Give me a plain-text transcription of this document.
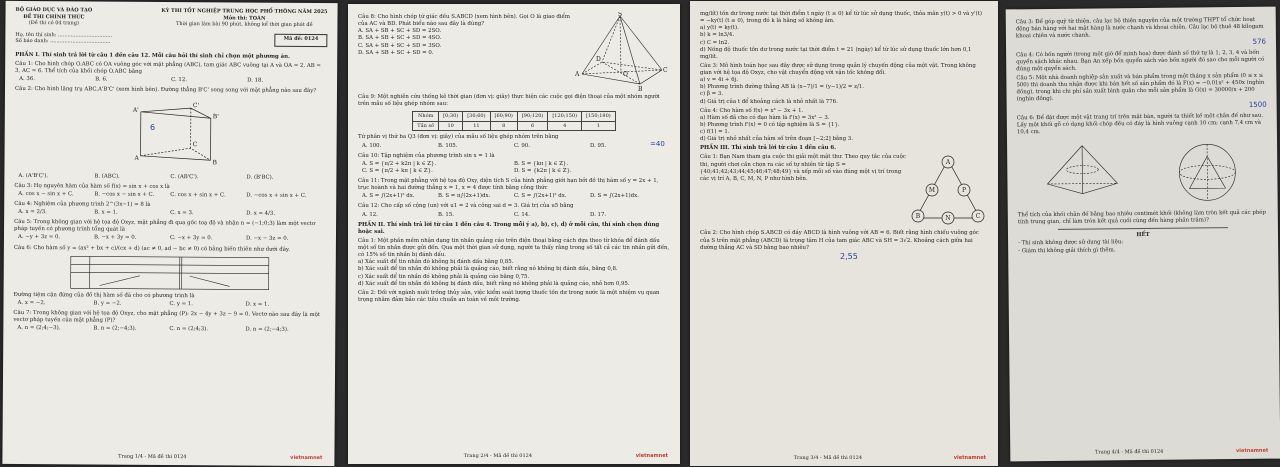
BỘ GIÁO DỤC VÀ ĐÀO TẠO
ĐỀ THI CHÍNH THỨC
(Đề thi có 04 trang)
KỲ THI TỐT NGHIỆP TRUNG HỌC PHỔ THÔNG NĂM 2025
Môn thi: TOÁN
Thời gian làm bài 90 phút, không kể thời gian phát đề
Họ, tên thí sinh: ..................................
Số báo danh: ......................................	Mã đề: 0124
PHẦN I. Thí sinh trả lời từ câu 1 đến câu 12. Mỗi câu hỏi thí sinh chỉ chọn một phương án.
Câu 1: Cho hình chóp O.ABC có OA vuông góc với mặt phẳng (ABC), tam giác ABC vuông tại A và OA = 2, AB = 3, AC = 6. Thể tích của khối chóp O.ABC bằng
A. 36.	B. 6.	C. 12.	D. 18.
Câu 2: Cho hình lăng trụ ABC.A'B'C' (xem hình bên). Đường thẳng B'C' song song với mặt phẳng nào sau đây?
A'
C'
B'
A
C
B
A. (A'B'C').	B. (ABC).	C. (AB'C').	D. (B'BC).
Câu 3: Họ nguyên hàm của hàm số f(x) = sin x + cos x là
A. cos x − sin x + C.	B. −cos x − sin x + C.	C. cos x + sin x + C.	D. −cos x + sin x + C.
Câu 4: Nghiệm của phương trình 2^(3x−1) = 8 là
A. x = 2/3.	B. x = 1.	C. x = 3.	D. x = 4/3.
Câu 5: Trong không gian với hệ tọa độ Oxyz, mặt phẳng đi qua gốc toạ độ và nhận n = (−1;0;3) làm một vectơ pháp tuyến có phương trình tổng quát là
A. −y + 3z = 0.	B. −x + 3y = 0.	C. −x + 3y = 0.	D. −x − 3z = 0.
Câu 6: Cho hàm số y = (ax² + bx + c)/(cx + d) (ac ≠ 0, ad − bc ≠ 0) có bảng biến thiên như dưới đây.
Đường tiệm cận đứng của đồ thị hàm số đã cho có phương trình là
A. x = −2.	B. y = −2.	C. y = 1.	D. x = 1.
Câu 7: Trong không gian với hệ tọa độ Oxyz, cho mặt phẳng (P): 2x − 4y + 3z − 9 = 0. Vectơ nào sau đây là một vectơ pháp tuyến của mặt phẳng (P)?
A. n = (2;4;−3).	B. n = (2;−4;3).	C. n = (2;4;3).	D. n = (2;−4;3).
Trang 1/4 - Mã đề thi 0124	vietnamnet
Câu 8: Cho hình chóp tứ giác đều S.ABCD (xem hình bên). Gọi O là giao điểm của AC và BD. Phát biểu nào sau đây là đúng?
A. SA + SB + SC + SD = 2SO.
B. SA + SB + SC + SD = 4SO.
C. SA + SB + SC + SD = 3SO.
D. SA + SB + SC + SD = 0.
S
A
B
C
D
O
Câu 9: Một nghiên cứu thống kê thời gian (đơn vị: giây) thực hiện các cuộc gọi điện thoại của một nhóm người trên mẫu số liệu ghép nhóm sau:
Nhóm	[0;30)	[30;60)	[60;90)	[90;120)	[120;150)	[150;180)
Tần số	10	11	8	6	4	1
Tứ phân vị thứ ba Q3 (đơn vị: giây) của mẫu số liệu ghép nhóm trên bằng
A. 100.	B. 105.	C. 90.	D. 95.
Câu 10: Tập nghiệm của phương trình sin x = 1 là
A. S = {π/2 + k2π | k ∈ Z}.	B. S = {kπ | k ∈ Z}.
C. S = {π/2 + kπ | k ∈ Z}.	D. S = {k2π | k ∈ Z}.
Câu 11: Trong mặt phẳng với hệ tọa độ Oxy, diện tích S của hình phẳng giới hạn bởi đồ thị hàm số y = 2x + 1, trục hoành và hai đường thẳng x = 1, x = 4 được tính bằng công thức
A. S = ∫(2x+1)² dx.	B. S = π∫(2x+1)dx.	C. S = ∫(2x+1)² dx.	D. S = ∫(2x+1)dx.
Câu 12: Cho cấp số cộng (un) với u1 = 2 và công sai d = 3. Giá trị của u5 bằng
A. 12.	B. 15.	C. 14.	D. 17.
PHẦN II. Thí sinh trả lời từ câu 1 đến câu 4. Trong mỗi ý a), b), c), d) ở mỗi câu, thí sinh chọn đúng hoặc sai.
Câu 1: Một phần mềm nhận dạng tin nhắn quảng cáo trên điện thoại bằng cách dựa theo từ khóa để đánh dấu một số tin nhắn được gửi đến. Qua một thời gian sử dụng, người ta thấy rằng trong số tất cả các tin nhắn gửi đến, có 15% số tin nhắn bị đánh dấu.
a) Xác suất để tin nhắn đó không bị đánh dấu bằng 0,85.
b) Xác suất để tin nhắn đó không phải là quảng cáo, biết rằng nó không bị đánh dấu, bằng 0,8.
c) Xác suất để tin nhắn đó không phải là quảng cáo bằng 0,75.
d) Xác suất để tin nhắn đó không bị đánh dấu, biết rằng nó không phải là quảng cáo, nhỏ hơn 0,95.
Câu 2: Đối với ngành nuôi trồng thủy sản, việc kiểm soát lượng thuốc tồn dư trong nước là một nhiệm vụ quan trọng nhằm đảm bảo các tiêu chuẩn an toàn về môi trường.
Trang 2/4 - Mã đề thi 0124	vietnamnet
mg/lít) tồn dư trong nước tại thời điểm t ngày (t ≥ 0) kể từ lúc sử dụng thuốc, thỏa mãn y(t) > 0 và y'(t) = −ky(t) (t ≥ 0), trong đó k là hằng số không âm.
a) y(t) = ky(t).
b) k = ln3/4.
c) C = ln2.
d) Nồng độ thuốc tồn dư trong nước tại thời điểm t = 21 (ngày) kể từ lúc sử dụng thuốc lớn hơn 0,1 mg/lít.
Câu 3: Mô hình toán học sau đây được sử dụng trong quản lý chuyến động của một vật. Trong không gian với hệ tọa độ Oxyz, cho vật chuyển động với vận tốc không đổi.
a) v = 4i + 6j.
b) Phương trình đường thẳng AB là (x−7)/1 = (y−1)/2 = z/1.
c) β = 3.
d) Giá trị của t để khoảng cách là nhỏ nhất là 776.
Câu 4: Cho hàm số f(x) = x³ − 3x + 1.
a) Hàm số đã cho có đạo hàm là f'(x) = 3x² − 3.
b) Phương trình f'(x) = 0 có tập nghiệm là S = {1}.
c) f(1) = 1.
d) Giá trị nhỏ nhất của hàm số trên đoạn [−2;2] bằng 3.
PHẦN III. Thí sinh trả lời từ câu 1 đến câu 6.
Câu 1: Bạn Nam tham gia cuộc thi giải một mật thư. Theo quy tắc của cuộc thi, người chơi cần chọn ra các số tự nhiên từ tập S = {40;41;42;43;44;45;46;47;48;49} và xếp mỗi số vào đúng một vị trí trong các vị trí A, B, C, M, N, P như hình bên.
A
M	P
B	N	C
Câu 2: Cho hình chóp S.ABCD có đáy ABCD là hình vuông với AB = 6. Biết rằng hình chiếu vuông góc của S trên mặt phẳng (ABCD) là trọng tâm H của tam giác ABC và SH = 3√2. Khoảng cách giữa hai đường thẳng AC và SD bằng bao nhiêu?
2,55
Trang 3/4 - Mã đề thi 0124	vietnamnet
Câu 3: Để góp quỹ từ thiện, câu lạc bộ thiện nguyện của một trường THPT tổ chức hoạt động bán hàng với hai mặt hàng là nước chanh và khoai chiên. Câu lạc bộ thuê 48 kilogam khoai chiên và nước chanh.
576
Câu 4: Có bốn người (trong một giờ để minh họa) được đánh số thứ tự là 1, 2, 3, 4 và bốn quyển sách khác nhau. Bạn An xếp bốn quyển sách vào bốn người đó sao cho mỗi người có đúng một quyển sách.
Câu 5: Một nhà doanh nghiệp sản xuất và bán phẩm trong một tháng x sản phẩm (0 ≤ x ≤ 500) thì doanh thu nhận được khi bán hết số sản phẩm đó là F(x) = −0,01x² + 450x (nghìn đồng), trong khi chi phí sản xuất bình quân cho mỗi sản phẩm là G(x) = 30000/x + 200 (nghìn đồng).
1500
Câu 6: Để đặt được một vật trang trí trên mặt bàn, người ta thiết kế một chân đế như sau. Lấy một khối gỗ có dạng khối chóp đều có đáy là hình vuông cạnh 10 cm; cạnh 7,4 cm và 10,4 cm.
Thể tích của khối chân đế bằng bao nhiêu centimét khối (không làm tròn kết quả các phép tính trung gian, chỉ làm tròn kết quả cuối cùng đến hàng phần trăm)?
HẾT
- Thí sinh không được sử dụng tài liệu;
- Giám thị không giải thích gì thêm.
Trang 4/4 - Mã đề thi 0124	vietnamnet
6
=40
